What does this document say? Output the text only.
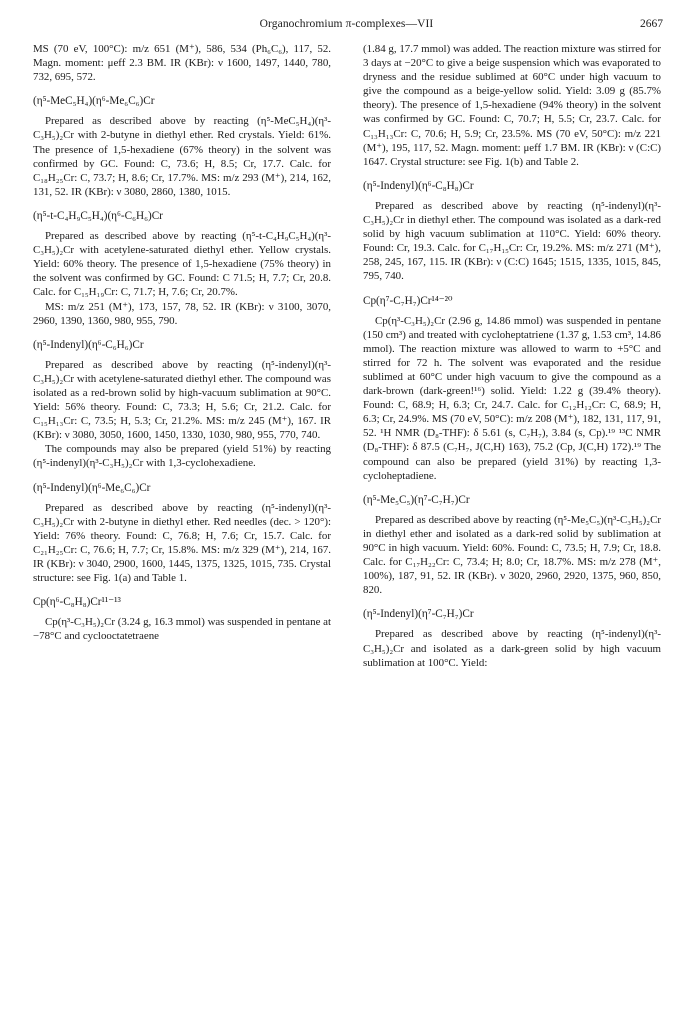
Organochromium π-complexes—VII	2667

MS (70 eV, 100°C): m/z 651 (M⁺), 586, 534 (Ph₆C₆), 117, 52. Magn. moment: μeff 2.3 BM. IR (KBr): ν 1600, 1497, 1440, 780, 732, 695, 572.

(η⁵-MeC₅H₄)(η⁶-Me₆C₆)Cr

Prepared as described above by reacting (η⁵-MeC₅H₄)(η³-C₃H₅)₂Cr with 2-butyne in diethyl ether. Red crystals. Yield: 61%. The presence of 1,5-hexadiene (67% theory) in the solvent was confirmed by GC. Found: C, 73.6; H, 8.5; Cr, 17.7. Calc. for C₁₈H₂₅Cr: C, 73.7; H, 8.6; Cr, 17.7%. MS: m/z 293 (M⁺), 214, 162, 131, 52. IR (KBr): ν 3080, 2860, 1380, 1015.

(η⁵-t-C₄H₉C₅H₄)(η⁶-C₆H₆)Cr

Prepared as described above by reacting (η⁵-t-C₄H₉C₅H₄)(η³-C₃H₅)₂Cr with acetylene-saturated diethyl ether. Yellow crystals. Yield: 60% theory. The presence of 1,5-hexadiene (75% theory) in the solvent was confirmed by GC. Found: C 71.5; H, 7.7; Cr, 20.8. Calc. for C₁₅H₁₉Cr: C, 71.7; H, 7.6; Cr, 20.7%.

MS: m/z 251 (M⁺), 173, 157, 78, 52. IR (KBr): ν 3100, 3070, 2960, 1390, 1360, 980, 955, 790.

(η⁵-Indenyl)(η⁶-C₆H₆)Cr

Prepared as described above by reacting (η⁵-indenyl)(η³-C₃H₅)₂Cr with acetylene-saturated diethyl ether. The compound was isolated as a red-brown solid by high-vacuum sublimation at 90°C. Yield: 56% theory. Found: C, 73.3; H, 5.6; Cr, 21.2. Calc. for C₁₅H₁₃Cr: C, 73.5; H, 5.3; Cr, 21.2%. MS: m/z 245 (M⁺), 167. IR (KBr): ν 3080, 3050, 1600, 1450, 1330, 1030, 980, 955, 770, 740.

The compounds may also be prepared (yield 51%) by reacting (η⁵-indenyl)(η³-C₃H₅)₂Cr with 1,3-cyclohexadiene.

(η⁵-Indenyl)(η⁶-Me₆C₆)Cr

Prepared as described above by reacting (η⁵-indenyl)(η³-C₃H₅)₂Cr with 2-butyne in diethyl ether. Red needles (dec. > 120°): Yield: 76% theory. Found: C, 76.8; H, 7.6; Cr, 15.7. Calc. for C₂₁H₂₅Cr: C, 76.6; H, 7.7; Cr, 15.8%. MS: m/z 329 (M⁺), 214, 167. IR (KBr): ν 3040, 2900, 1600, 1445, 1375, 1325, 1015, 735. Crystal structure: see Fig. 1(a) and Table 1.

Cp(η⁶-C₈H₈)Cr¹¹⁻¹³

Cp(η³-C₃H₅)₂Cr (3.24 g, 16.3 mmol) was suspended in pentane at −78°C and cyclooctatetraene

(1.84 g, 17.7 mmol) was added. The reaction mixture was stirred for 3 days at −20°C to give a beige suspension which was evaporated to dryness and the residue sublimed at 60°C under high vacuum to give the compound as a beige-yellow solid. Yield: 3.09 g (85.7% theory). The presence of 1,5-hexadiene (94% theory) in the solvent was confirmed by GC. Found: C, 70.7; H, 5.5; Cr, 23.7. Calc. for C₁₃H₁₃Cr: C, 70.6; H, 5.9; Cr, 23.5%. MS (70 eV, 50°C): m/z 221 (M⁺), 195, 117, 52. Magn. moment: μeff 1.7 BM. IR (KBr): ν (C:C) 1647. Crystal structure: see Fig. 1(b) and Table 2.

(η⁵-Indenyl)(η⁶-C₈H₈)Cr

Prepared as described above by reacting (η⁵-indenyl)(η³-C₃H₅)₂Cr in diethyl ether. The compound was isolated as a dark-red solid by high vacuum sublimation at 110°C. Yield: 60% theory. Found: Cr, 19.3. Calc. for C₁₇H₁₅Cr: Cr, 19.2%. MS: m/z 271 (M⁺), 258, 245, 167, 115. IR (KBr): ν (C:C) 1645; 1515, 1335, 1015, 845, 795, 740.

Cp(η⁷-C₇H₇)Cr¹⁴⁻²⁰

Cp(η³-C₃H₅)₂Cr (2.96 g, 14.86 mmol) was suspended in pentane (150 cm³) and treated with cycloheptatriene (1.37 g, 1.53 cm³, 14.86 mmol). The reaction mixture was allowed to warm to +5°C and stirred for 72 h. The solvent was evaporated and the residue sublimed at 60°C under high vacuum to give the compound as a dark-brown (dark-green!¹⁶) solid. Yield: 1.22 g (39.4% theory). Found: C, 68.9; H, 6.3; Cr, 24.7. Calc. for C₁₂H₁₂Cr: C, 68.9; H, 6.3; Cr, 24.9%. MS (70 eV, 50°C): m/z 208 (M⁺), 182, 131, 117, 91, 52. ¹H NMR (D₈-THF): δ 5.61 (s, C₇H₇), 3.84 (s, Cp).¹⁹ ¹³C NMR (D₈-THF): δ 87.5 (C₇H₇, J(C,H) 163), 75.2 (Cp, J(C,H) 172).¹⁹ The compound can also be prepared (yield 31%) by reacting 1,3-cycloheptadiene.

(η⁵-Me₅C₅)(η⁷-C₇H₇)Cr

Prepared as described above by reacting (η⁵-Me₅C₅)(η³-C₃H₅)₂Cr in diethyl ether and isolated as a dark-red solid by sublimation at 90°C in high vacuum. Yield: 60%. Found: C, 73.5; H, 7.9; Cr, 18.8. Calc. for C₁₇H₂₂Cr: C, 73.4; H; 8.0; Cr, 18.7%. MS: m/z 278 (M⁺, 100%), 187, 91, 52. IR (KBr). ν 3020, 2960, 2920, 1375, 960, 850, 820.

(η⁵-Indenyl)(η⁷-C₇H₇)Cr

Prepared as described above by reacting (η⁵-indenyl)(η³-C₃H₅)₂Cr and isolated as a dark-green solid by high vacuum sublimation at 100°C. Yield:
